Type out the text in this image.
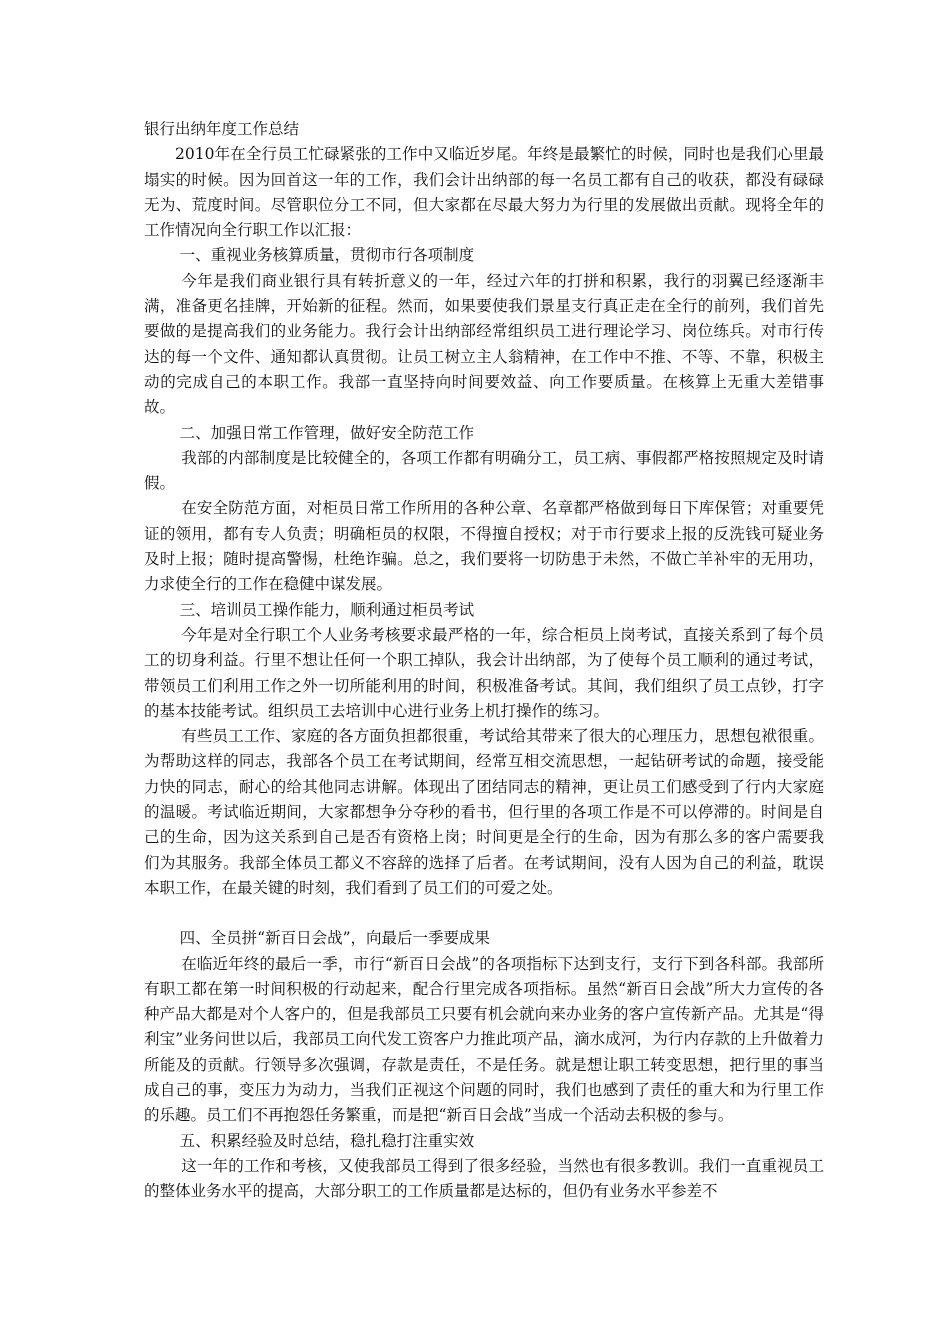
银行出纳年度工作总结

2010年在全行员工忙碌紧张的工作中又临近岁尾。年终是最繁忙的时候，同时也是我们心里最塌实的时候。因为回首这一年的工作，我们会计出纳部的每一名员工都有自己的收获，都没有碌碌无为、荒度时间。尽管职位分工不同，但大家都在尽最大努力为行里的发展做出贡献。现将全年的工作情况向全行职工作以汇报：

一、重视业务核算质量，贯彻市行各项制度

今年是我们商业银行具有转折意义的一年，经过六年的打拼和积累，我行的羽翼已经逐渐丰满，准备更名挂牌，开始新的征程。然而，如果要使我们景星支行真正走在全行的前列，我们首先要做的是提高我们的业务能力。我行会计出纳部经常组织员工进行理论学习、岗位练兵。对市行传达的每一个文件、通知都认真贯彻。让员工树立主人翁精神，在工作中不推、不等、不靠，积极主动的完成自己的本职工作。我部一直坚持向时间要效益、向工作要质量。在核算上无重大差错事故。

二、加强日常工作管理，做好安全防范工作

我部的内部制度是比较健全的，各项工作都有明确分工，员工病、事假都严格按照规定及时请假。

在安全防范方面，对柜员日常工作所用的各种公章、名章都严格做到每日下库保管；对重要凭证的领用，都有专人负责；明确柜员的权限，不得擅自授权；对于市行要求上报的反洗钱可疑业务及时上报；随时提高警惕，杜绝诈骗。总之，我们要将一切防患于未然，不做亡羊补牢的无用功，力求使全行的工作在稳健中谋发展。

三、培训员工操作能力，顺利通过柜员考试

今年是对全行职工个人业务考核要求最严格的一年，综合柜员上岗考试，直接关系到了每个员工的切身利益。行里不想让任何一个职工掉队，我会计出纳部，为了使每个员工顺利的通过考试，带领员工们利用工作之外一切所能利用的时间，积极准备考试。其间，我们组织了员工点钞，打字的基本技能考试。组织员工去培训中心进行业务上机打操作的练习。

有些员工工作、家庭的各方面负担都很重，考试给其带来了很大的心理压力，思想包袱很重。为帮助这样的同志，我部各个员工在考试期间，经常互相交流思想，一起钻研考试的命题，接受能力快的同志，耐心的给其他同志讲解。体现出了团结同志的精神，更让员工们感受到了行内大家庭的温暖。考试临近期间，大家都想争分夺秒的看书，但行里的各项工作是不可以停滞的。时间是自己的生命，因为这关系到自己是否有资格上岗；时间更是全行的生命，因为有那么多的客户需要我们为其服务。我部全体员工都义不容辞的选择了后者。在考试期间，没有人因为自己的利益，耽误本职工作，在最关键的时刻，我们看到了员工们的可爱之处。

四、全员拼“新百日会战”，向最后一季要成果

在临近年终的最后一季，市行“新百日会战”的各项指标下达到支行，支行下到各科部。我部所有职工都在第一时间积极的行动起来，配合行里完成各项指标。虽然“新百日会战”所大力宣传的各种产品大都是对个人客户的，但是我部员工只要有机会就向来办业务的客户宣传新产品。尤其是“得利宝”业务问世以后，我部员工向代发工资客户力推此项产品，滴水成河，为行内存款的上升做着力所能及的贡献。行领导多次强调，存款是责任，不是任务。就是想让职工转变思想，把行里的事当成自己的事，变压力为动力，当我们正视这个问题的同时，我们也感到了责任的重大和为行里工作的乐趣。员工们不再抱怨任务繁重，而是把“新百日会战”当成一个活动去积极的参与。

五、积累经验及时总结，稳扎稳打注重实效

这一年的工作和考核，又使我部员工得到了很多经验，当然也有很多教训。我们一直重视员工的整体业务水平的提高，大部分职工的工作质量都是达标的，但仍有业务水平参差不
